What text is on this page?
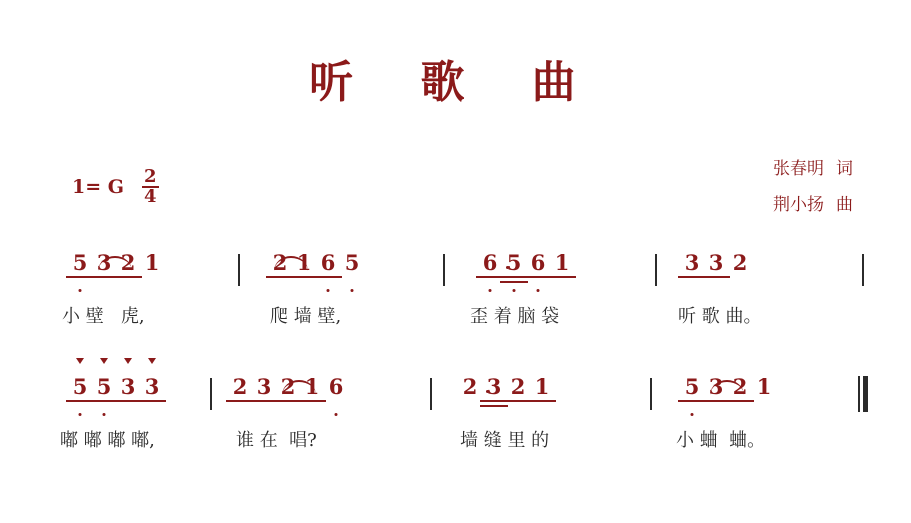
听 歌 曲
1= G $\frac{2}{4}$	张春明 词
荆小扬 曲
5 3 2 1	2 1 6 5	6 5 6 1	3 3 2
小 壁   虎,	爬 墙 壁,	歪 着 脑 袋	听 歌 曲。
5 5 3 3	2 3 2 1 6	2 3 2 1	5 3 2 1
嘟 嘟 嘟 嘟,	谁 在  唱?	墙 缝 里 的	小 蛐  蛐。
